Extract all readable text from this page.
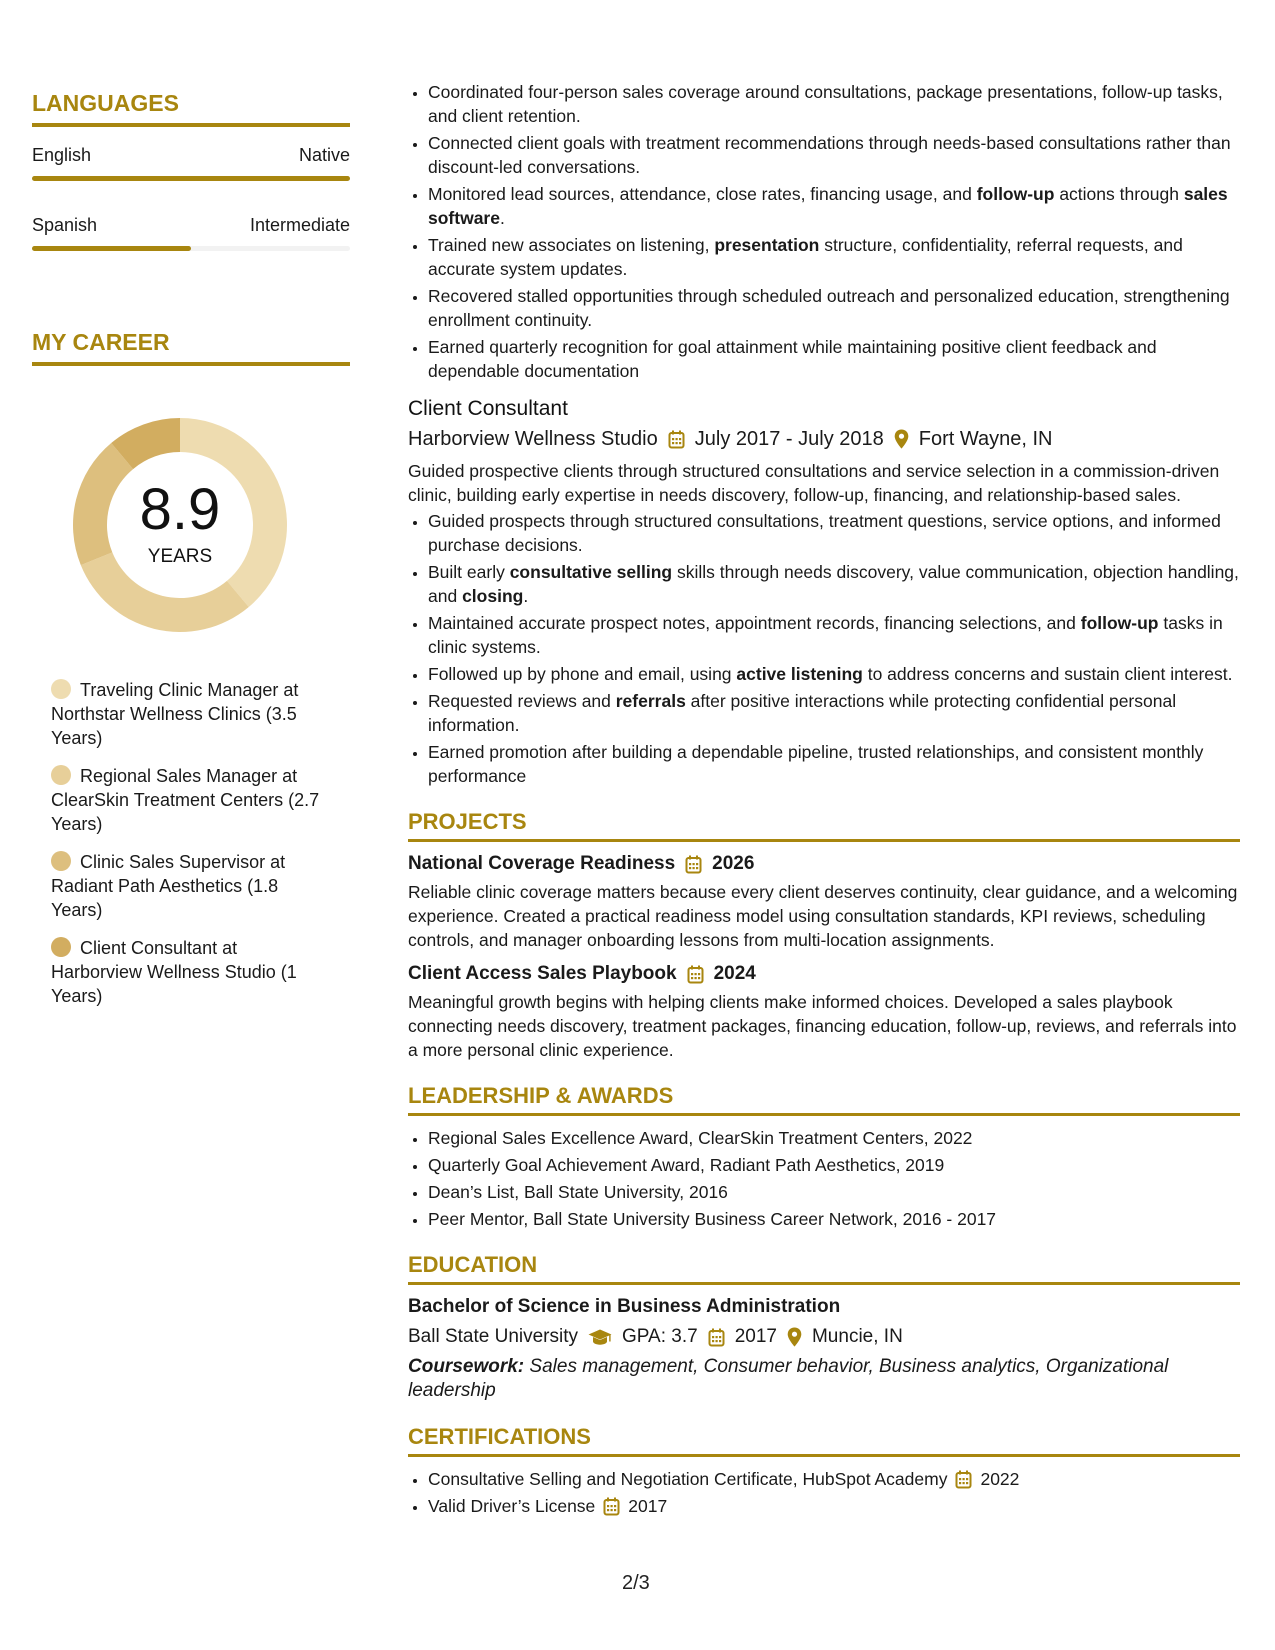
LANGUAGES
English	Native
Spanish	Intermediate
MY CAREER
8.9
YEARS
Traveling Clinic Manager at Northstar Wellness Clinics (3.5 Years)
Regional Sales Manager at ClearSkin Treatment Centers (2.7 Years)
Clinic Sales Supervisor at Radiant Path Aesthetics (1.8 Years)
Client Consultant at Harborview Wellness Studio (1 Years)
• Coordinated four-person sales coverage around consultations, package presentations, follow-up tasks, and client retention.
• Connected client goals with treatment recommendations through needs-based consultations rather than discount-led conversations.
• Monitored lead sources, attendance, close rates, financing usage, and follow-up actions through sales software.
• Trained new associates on listening, presentation structure, confidentiality, referral requests, and accurate system updates.
• Recovered stalled opportunities through scheduled outreach and personalized education, strengthening enrollment continuity.
• Earned quarterly recognition for goal attainment while maintaining positive client feedback and dependable documentation
Client Consultant
Harborview Wellness Studio July 2017 - July 2018 Fort Wayne, IN

Guided prospective clients through structured consultations and service selection in a commission-driven clinic, building early expertise in needs discovery, follow-up, financing, and relationship-based sales.

• Guided prospects through structured consultations, treatment questions, service options, and informed purchase decisions.
• Built early consultative selling skills through needs discovery, value communication, objection handling, and closing.
• Maintained accurate prospect notes, appointment records, financing selections, and follow-up tasks in clinic systems.
• Followed up by phone and email, using active listening to address concerns and sustain client interest.
• Requested reviews and referrals after positive interactions while protecting confidential personal information.
• Earned promotion after building a dependable pipeline, trusted relationships, and consistent monthly performance
PROJECTS
National Coverage Readiness 2026

Reliable clinic coverage matters because every client deserves continuity, clear guidance, and a welcoming experience. Created a practical readiness model using consultation standards, KPI reviews, scheduling controls, and manager onboarding lessons from multi-location assignments.

Client Access Sales Playbook 2024

Meaningful growth begins with helping clients make informed choices. Developed a sales playbook connecting needs discovery, treatment packages, financing education, follow-up, reviews, and referrals into a more personal clinic experience.

LEADERSHIP & AWARDS
• Regional Sales Excellence Award, ClearSkin Treatment Centers, 2022
• Quarterly Goal Achievement Award, Radiant Path Aesthetics, 2019
• Dean’s List, Ball State University, 2016
• Peer Mentor, Ball State University Business Career Network, 2016 - 2017
EDUCATION
Bachelor of Science in Business Administration
Ball State University GPA: 3.7 2017 Muncie, IN
Coursework: Sales management, Consumer behavior, Business analytics, Organizational leadership
CERTIFICATIONS
• Consultative Selling and Negotiation Certificate, HubSpot Academy 2022
• Valid Driver’s License 2017
2/3
